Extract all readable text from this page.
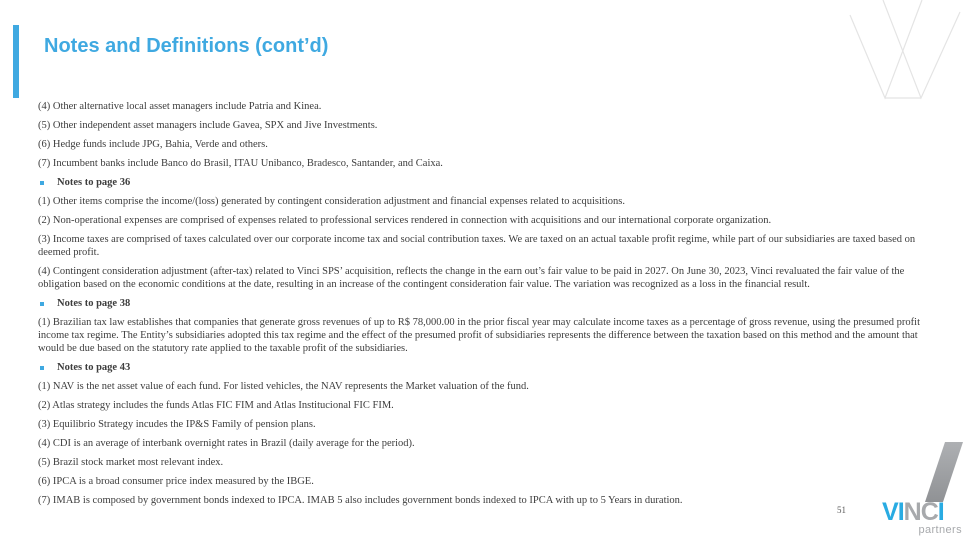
Notes and Definitions (cont’d)

(4) Other alternative local asset managers include Patria and Kinea.

(5) Other independent asset managers include Gavea, SPX and Jive Investments.

(6) Hedge funds include JPG, Bahia, Verde and others.

(7) Incumbent banks include Banco do Brasil, ITAU Unibanco, Bradesco, Santander, and Caixa.

Notes to page 36

(1) Other items comprise the income/(loss) generated by contingent consideration adjustment and financial expenses related to acquisitions.

(2) Non-operational expenses are comprised of expenses related to professional services rendered in connection with acquisitions and our international corporate organization.

(3) Income taxes are comprised of taxes calculated over our corporate income tax and social contribution taxes. We are taxed on an actual taxable profit regime, while part of our subsidiaries are taxed based on deemed profit.

(4) Contingent consideration adjustment (after-tax) related to Vinci SPS’ acquisition, reflects the change in the earn out’s fair value to be paid in 2027. On June 30, 2023, Vinci revaluated the fair value of the obligation based on the economic conditions at the date, resulting in an increase of the contingent consideration fair value. The variation was recognized as a loss in the financial result.

Notes to page 38

(1) Brazilian tax law establishes that companies that generate gross revenues of up to R$ 78,000.00 in the prior fiscal year may calculate income taxes as a percentage of gross revenue, using the presumed profit income tax regime. The Entity’s subsidiaries adopted this tax regime and the effect of the presumed profit of subsidiaries represents the difference between the taxation based on this method and the amount that would be due based on the statutory rate applied to the taxable profit of the subsidiaries.

Notes to page 43

(1) NAV is the net asset value of each fund. For listed vehicles, the NAV represents the Market valuation of the fund.

(2) Atlas strategy includes the funds Atlas FIC FIM and Atlas Institucional FIC FIM.

(3) Equilibrio Strategy incudes the IP&S Family of pension plans.

(4) CDI is an average of interbank overnight rates in Brazil (daily average for the period).

(5) Brazil stock market most relevant index.

(6) IPCA is a broad consumer price index measured by the IBGE.

(7) IMAB is composed by government bonds indexed to IPCA. IMAB 5 also includes government bonds indexed to IPCA with up to 5 Years in duration.

51 VINCI
partners
